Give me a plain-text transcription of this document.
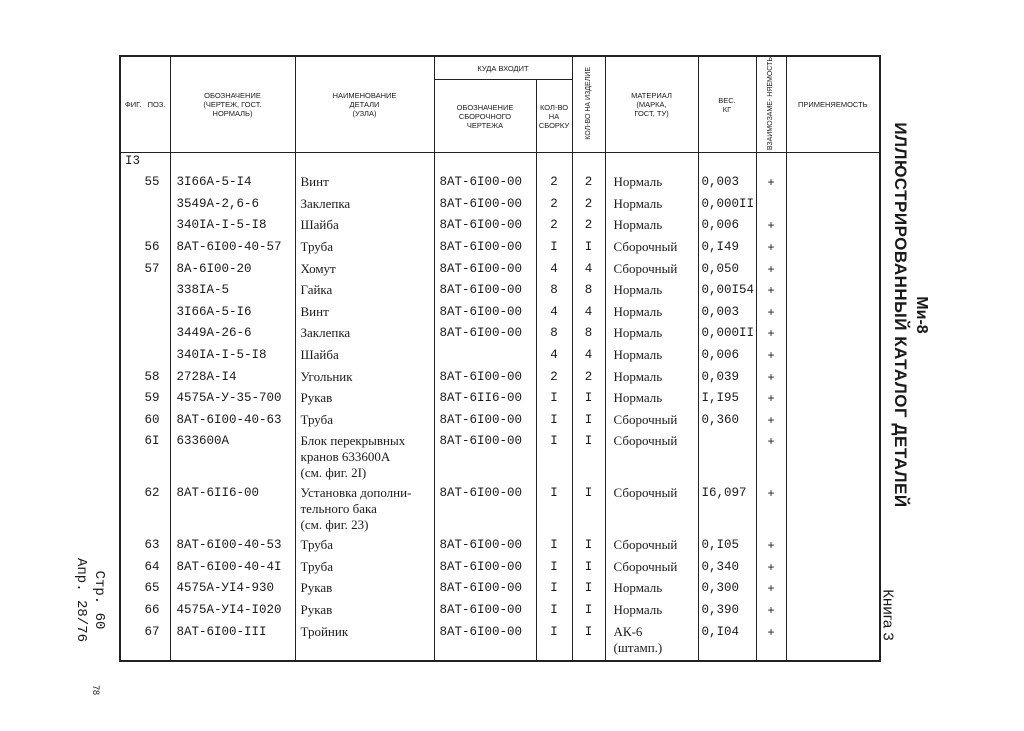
ФИГ. ПОЗ.	ОБОЗНАЧЕНИЕ
(ЧЕРТЕЖ, ГОСТ.
НОРМАЛЬ)	НАИМЕНОВАНИЕ
ДЕТАЛИ
(УЗЛА)	КУДА ВХОДИТ		КОЛ-ВО НА ИЗДЕЛИЕ	МАТЕРИАЛ
(МАРКА,
ГОСТ, ТУ)	ВЕС.
КГ	ВЗАИМОЗАМЕ- НЯЕМОСТЬ	ПРИМЕНЯЕМОСТЬ
			ОБОЗНАЧЕНИЕ
СБОРОЧНОГО
ЧЕРТЕЖА	КОЛ-ВО
НА
СБОРКУ					
I3									
55	3I66A-5-I4	Винт	8АТ-6I00-00	2	2	Нормаль	0,003	+	
	3549А-2,6-6	Заклепка	8АТ-6I00-00	2	2	Нормаль	0,000II		
	340IA-I-5-I8	Шайба	8АТ-6I00-00	2	2	Нормаль	0,006	+	
56	8АТ-6I00-40-57	Труба	8АТ-6I00-00	I	I	Сборочный	0,I49	+	
57	8А-6I00-20	Хомут	8АТ-6I00-00	4	4	Сборочный	0,050	+	
	338IA-5	Гайка	8АТ-6I00-00	8	8	Нормаль	0,00I54	+	
	3I66A-5-I6	Винт	8АТ-6I00-00	4	4	Нормаль	0,003	+	
	3449А-26-6	Заклепка	8АТ-6I00-00	8	8	Нормаль	0,000II	+	
	340IA-I-5-I8	Шайба		4	4	Нормаль	0,006	+	
58	2728А-I4	Угольник	8АТ-6I00-00	2	2	Нормаль	0,039	+	
59	4575А-У-35-700	Рукав	8АТ-6II6-00	I	I	Нормаль	I,I95	+	
60	8АТ-6I00-40-63	Труба	8АТ-6I00-00	I	I	Сборочный	0,360	+	
6I	633600А	Блок перекрывных
кранов 633600А
(см. фиг. 2I)	8АТ-6I00-00	I	I	Сборочный		+	
62	8АТ-6II6-00	Установка дополни-
тельного бака
(см. фиг. 23)	8АТ-6I00-00	I	I	Сборочный	I6,097	+	
63	8АТ-6I00-40-53	Труба	8АТ-6I00-00	I	I	Сборочный	0,I05	+	
64	8АТ-6I00-40-4I	Труба	8АТ-6I00-00	I	I	Сборочный	0,340	+	
65	4575А-УI4-930	Рукав	8АТ-6I00-00	I	I	Нормаль	0,300	+	
66	4575А-УI4-I020	Рукав	8АТ-6I00-00	I	I	Нормаль	0,390	+	
67	8АТ-6I00-III	Тройник	8АТ-6I00-00	I	I	АК-6
(штамп.)	0,I04	+	
Ми-8
ИЛЛЮСТРИРОВАННЫЙ КАТАЛОГ ДЕТАЛЕЙ
Книга 3
Стр. 60
Апр. 28/76
78
